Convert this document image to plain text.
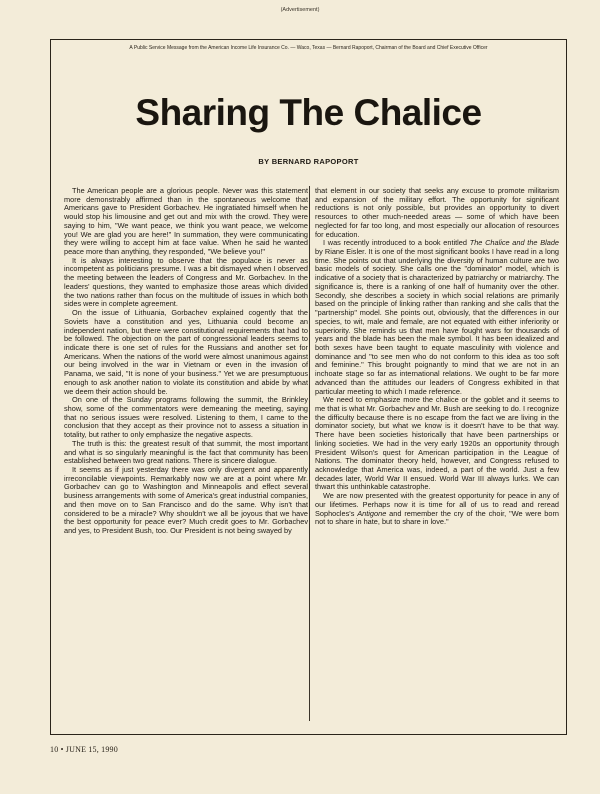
(Advertisement)
A Public Service Message from the American Income Life Insurance Co. — Waco, Texas — Bernard Rapoport, Chairman of the Board and Chief Executive Officer
Sharing The Chalice
BY BERNARD RAPOPORT

The American people are a glorious people. Never was this statement more demonstrably affirmed than in the spontaneous welcome that Americans gave to President Gorbachev. He ingratiated himself when he would stop his limousine and get out and mix with the crowd. They were saying to him, "We want peace, we think you want peace, we welcome you! We are glad you are here!" In summation, they were communicating they were willing to accept him at face value. When he said he wanted peace more than anything, they responded, "We believe you!"

It is always interesting to observe that the populace is never as incompetent as politicians presume. I was a bit dismayed when I observed the meeting between the leaders of Congress and Mr. Gorbachev. In the leaders' questions, they wanted to emphasize those areas which divided the two nations rather than focus on the multitude of issues in which both sides were in complete agreement.

On the issue of Lithuania, Gorbachev explained cogently that the Soviets have a constitution and yes, Lithuania could become an independent nation, but there were constitutional requirements that had to be followed. The objection on the part of congressional leaders seems to indicate there is one set of rules for the Russians and another set for Americans. When the nations of the world were almost unanimous against our being involved in the war in Vietnam or even in the invasion of Panama, we said, "It is none of your business." Yet we are presumptuous enough to ask another nation to violate its constitution and abide by what we deem their action should be.

On one of the Sunday programs following the summit, the Brinkley show, some of the commentators were demeaning the meeting, saying that no serious issues were resolved. Listening to them, I came to the conclusion that they accept as their province not to assess a situation in totality, but rather to only emphasize the negative aspects.

The truth is this: the greatest result of that summit, the most important and what is so singularly meaningful is the fact that community has been established between two great nations. There is sincere dialogue.

It seems as if just yesterday there was only divergent and apparently irreconcilable viewpoints. Remarkably now we are at a point where Mr. Gorbachev can go to Washington and Minneapolis and effect several business arrangements with some of America's great industrial companies, and then move on to San Francisco and do the same. Why isn't that considered to be a miracle? Why shouldn't we all be joyous that we have the best opportunity for peace ever? Much credit goes to Mr. Gorbachev and yes, to President Bush, too. Our President is not being swayed by

that element in our society that seeks any excuse to promote militarism and expansion of the military effort. The opportunity for significant reductions is not only possible, but provides an opportunity to divert resources to other much-needed areas — some of which have been neglected for far too long, and most especially our allocation of resources for education.

I was recently introduced to a book entitled The Chalice and the Blade by Riane Eisler. It is one of the most significant books I have read in a long time. She points out that underlying the diversity of human culture are two basic models of society. She calls one the "dominator" model, which is indicative of a society that is characterized by patriarchy or matriarchy. The significance is, there is a ranking of one half of humanity over the other. Secondly, she describes a society in which social relations are primarily based on the principle of linking rather than ranking and she calls that the "partnership" model. She points out, obviously, that the differences in our species, to wit, male and female, are not equated with either inferiority or superiority. She reminds us that men have fought wars for thousands of years and the blade has been the male symbol. It has been idealized and both sexes have been taught to equate masculinity with violence and dominance and "to see men who do not conform to this idea as too soft and feminine." This brought poignantly to mind that we are not in an inchoate stage so far as international relations. We ought to be far more advanced than the attitudes our leaders of Congress exhibited in that particular meeting to which I made reference.

We need to emphasize more the chalice or the goblet and it seems to me that is what Mr. Gorbachev and Mr. Bush are seeking to do. I recognize the difficulty because there is no escape from the fact we are living in the dominator society, but what we know is it doesn't have to be that way. There have been societies historically that have been partnerships or linking societies. We had in the very early 1920s an opportunity through President Wilson's quest for American participation in the League of Nations. The dominator theory held, however, and Congress refused to acknowledge that America was, indeed, a part of the world. Just a few decades later, World War II ensued. World War III always lurks. We can thwart this unthinkable catastrophe.

We are now presented with the greatest opportunity for peace in any of our lifetimes. Perhaps now it is time for all of us to read and reread Sophocles's Antigone and remember the cry of the choir, "We were born not to share in hate, but to share in love."

10 • JUNE 15, 1990
